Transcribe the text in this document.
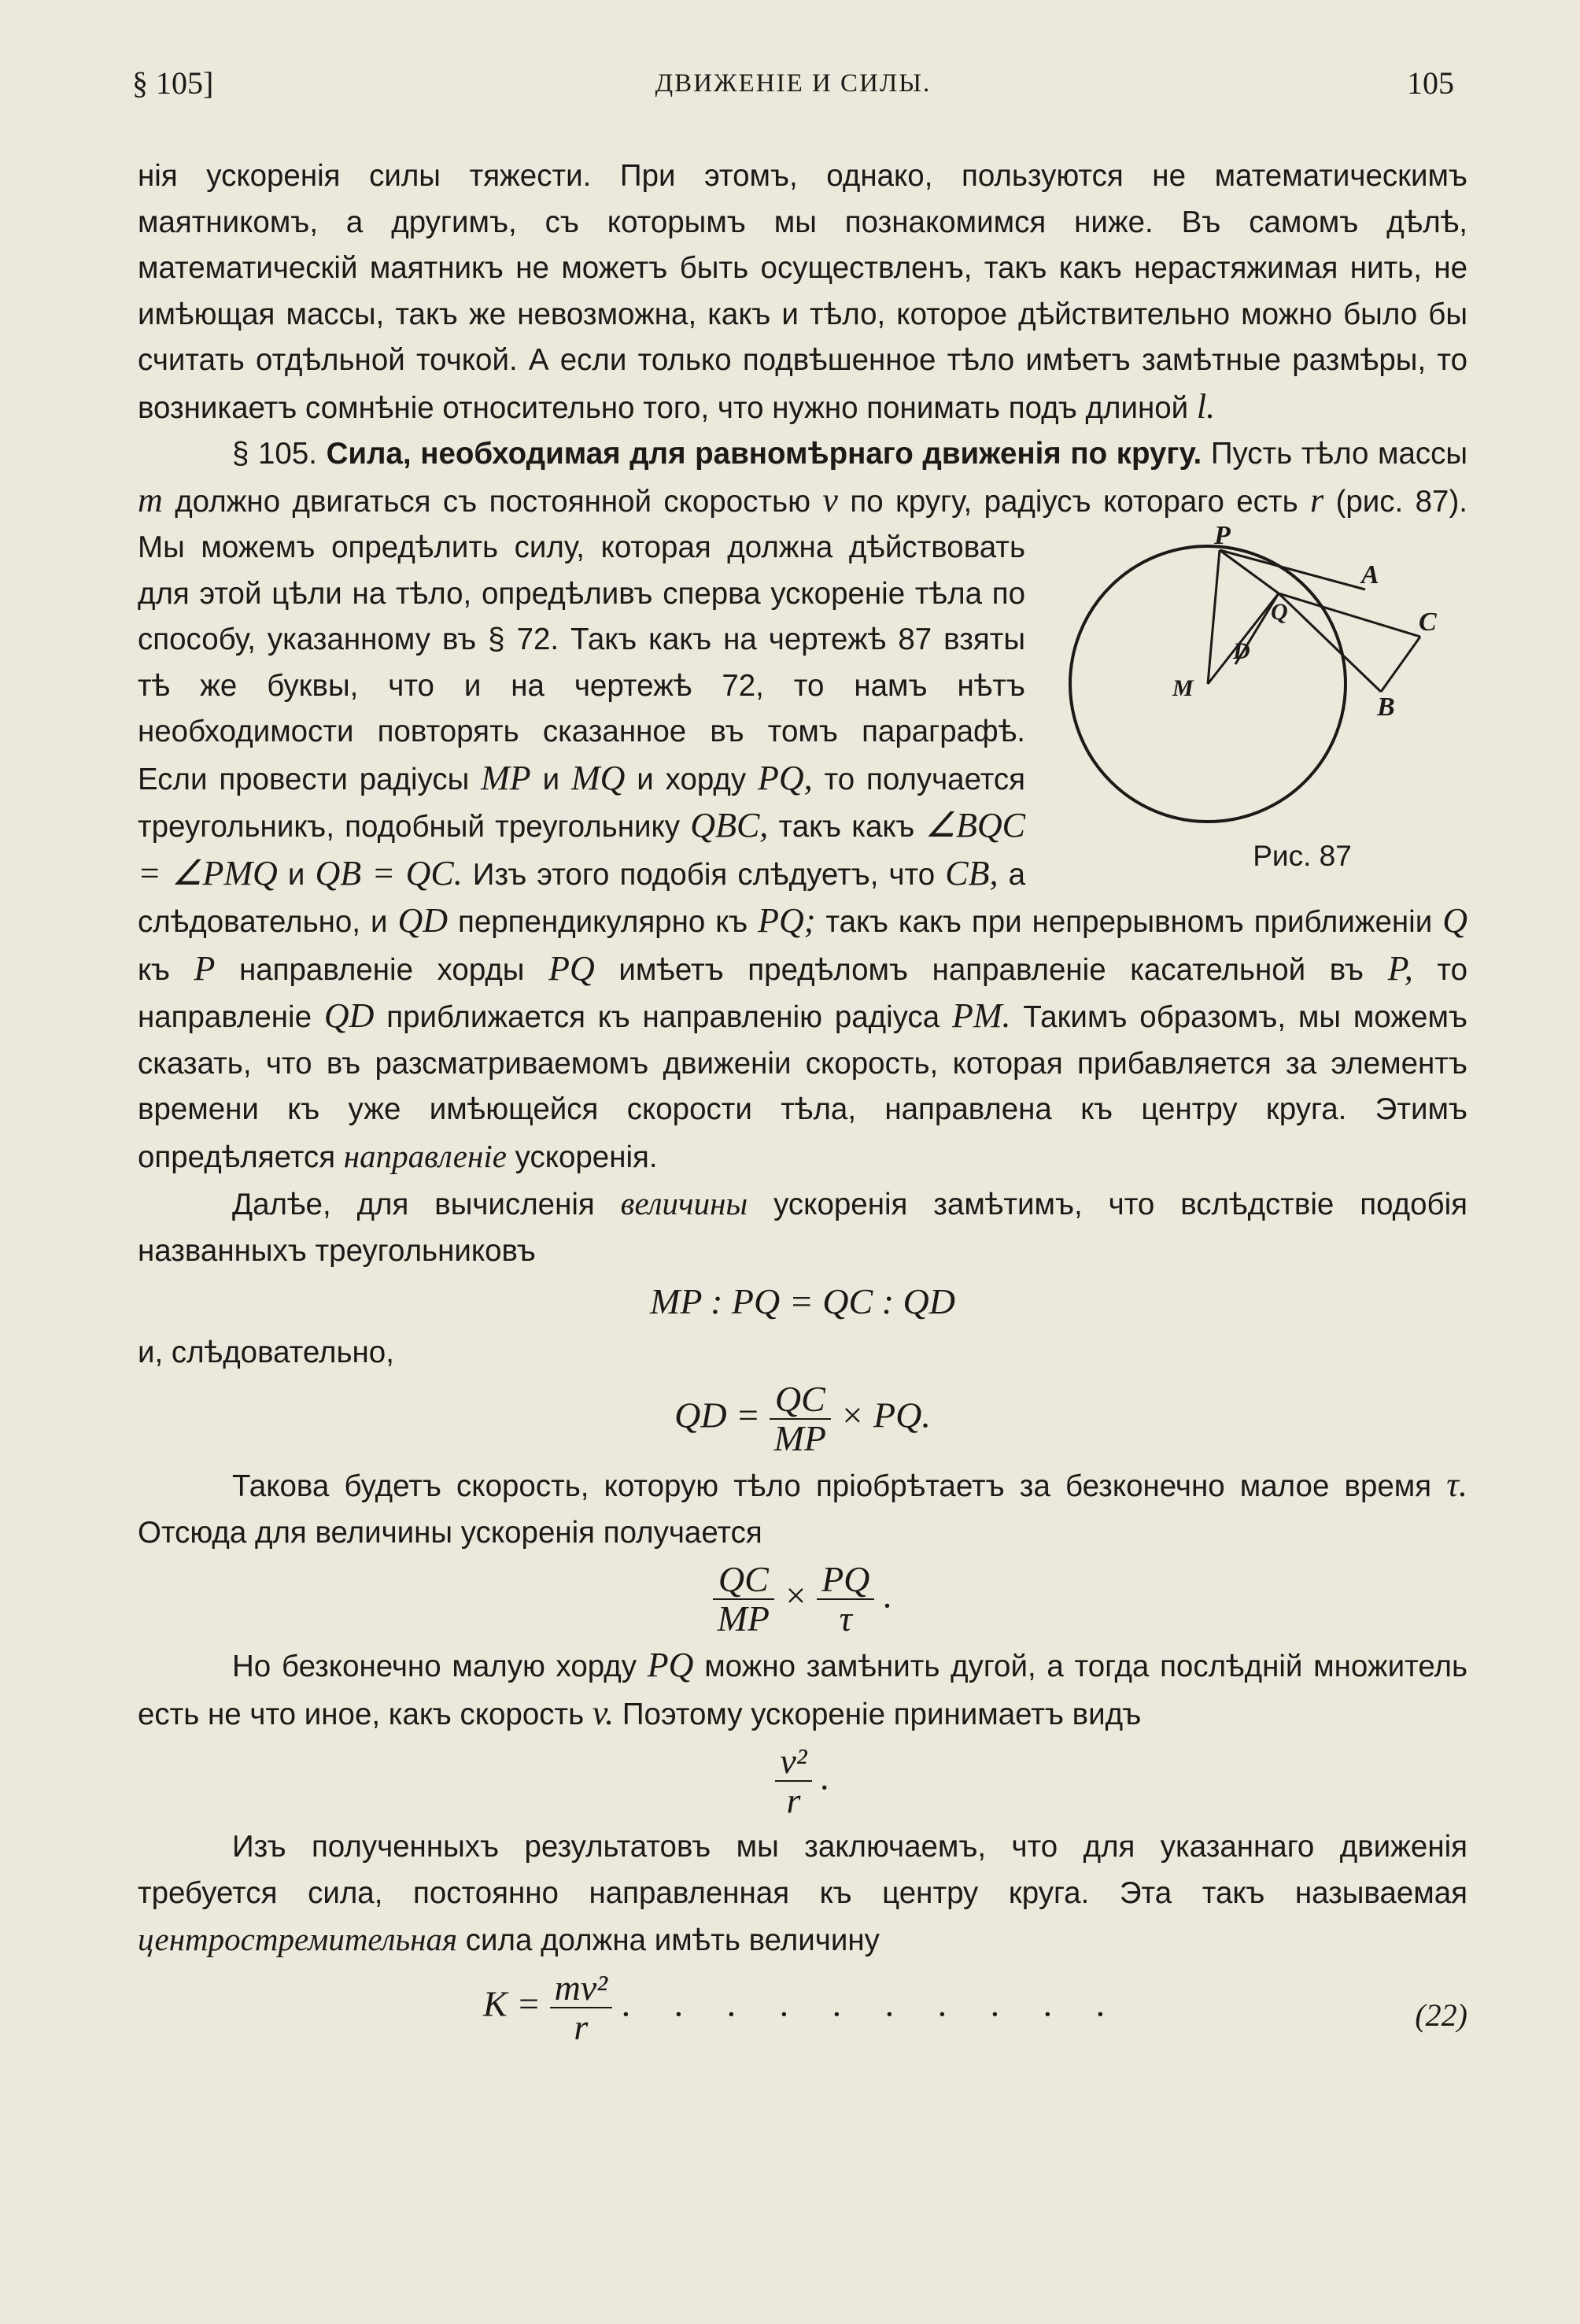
§ 105]	ДВИЖЕНІЕ И СИЛЫ.	105

нія ускоренія силы тяжести. При этомъ, однако, пользуются не математическимъ маятникомъ, а другимъ, съ которымъ мы познакомимся ниже. Въ самомъ дѣлѣ, математическій маятникъ не можетъ быть осуществленъ, такъ какъ нерастяжимая нить, не имѣющая массы, такъ же невозможна, какъ и тѣло, которое дѣйствительно можно было бы считать отдѣльной точкой. А если только подвѣшенное тѣло имѣетъ замѣтные размѣры, то возникаетъ сомнѣніе относительно того, что нужно понимать подъ длиной l.

§ 105. Сила, необходимая для равномѣрнаго движенія по кругу. Пусть тѣло массы m должно двигаться съ постоянной скоростью v по кругу, радіусъ котораго есть
P
A
Q	C
D
M
B
Рис. 87
r (рис. 87). Мы можемъ опредѣлить силу, которая должна дѣйствовать для этой цѣли на тѣло, опредѣливъ сперва ускореніе тѣла по способу, указанному въ § 72. Такъ какъ на чертежѣ 87 взяты тѣ же буквы, что и на чертежѣ 72, то намъ нѣтъ необходимости повторять сказанное въ томъ параграфѣ. Если провести радіусы MP и MQ и хорду PQ, то получается треугольникъ, подобный треугольнику QBC, такъ какъ ∠BQC = ∠PMQ и QB = QC. Изъ этого подобія слѣдуетъ, что CB, а слѣдовательно, и QD перпендикулярно къ PQ; такъ какъ при непрерывномъ приближеніи Q къ P направленіе хорды PQ имѣетъ предѣломъ направленіе касательной въ P, то направленіе QD приближается къ направленію радіуса PM. Такимъ образомъ, мы можемъ сказать, что въ разсматриваемомъ движеніи скорость, которая прибавляется за элементъ времени къ уже имѣющейся скорости тѣла, направлена къ центру круга. Этимъ опредѣляется направленіе ускоренія.

Далѣе, для вычисленія величины ускоренія замѣтимъ, что вслѣдствіе подобія названныхъ треугольниковъ

MP : PQ = QC : QD

и, слѣдовательно,

QD = $\frac{QC}{MP}$ × PQ.

Такова будетъ скорость, которую тѣло пріобрѣтаетъ за безконечно малое время τ. Отсюда для величины ускоренія получается

$\frac{QC}{MP} \times \frac{PQ}{\tau}$ .

Но безконечно малую хорду PQ можно замѣнить дугой, а тогда послѣдній множитель есть не что иное, какъ скорость v. Поэтому ускореніе принимаетъ видъ

$\frac{\text{v²}}{r}$ .

Изъ полученныхъ результатовъ мы заключаемъ, что для указаннаго движенія требуется сила, постоянно направленная къ центру круга. Эта такъ называемая центростремительная сила должна имѣть величину

$K = \frac{\text{mv²}}{r}$ . . . . . . . . . .	(22)
